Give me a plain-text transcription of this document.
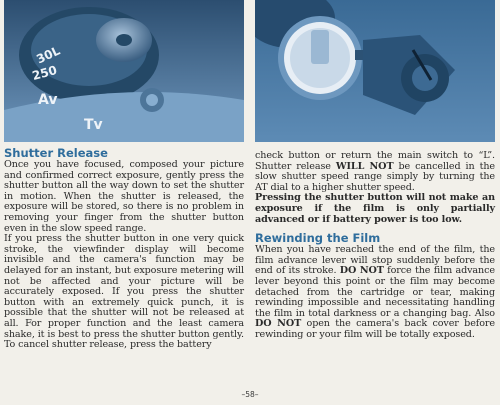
30L
250
Av
Tv
Shutter Release

Once you have focused, composed your picture and confirmed correct exposure, gently press the shutter button all the way down to set the shutter in motion. When the shutter is released, the exposure will be stored, so there is no problem in removing your finger from the shutter button even in the slow speed range.

If you press the shutter button in one very quick stroke, the viewfinder display will become invisible and the camera's function may be delayed for an instant, but exposure metering will not be affected and your picture will be accurately exposed. If you press the shutter button with an extremely quick punch, it is possible that the shutter will not be released at all. For proper function and the least camera shake, it is best to press the shutter button gently.

To cancel shutter release, press the battery

check button or return the main switch to “L”. Shutter release WILL NOT be cancelled in the slow shutter speed range simply by turning the AT dial to a higher shutter speed.

Pressing the shutter button will not make an exposure if the film is only partially advanced or if battery power is too low.

Rewinding the Film

When you have reached the end of the film, the film advance lever will stop suddenly before the end of its stroke. DO NOT force the film advance lever beyond this point or the film may become detached from the cartridge or tear, making rewinding impossible and necessitating handling the film in total darkness or a changing bag. Also DO NOT open the camera's back cover before rewinding or your film will be totally exposed.

–58–
